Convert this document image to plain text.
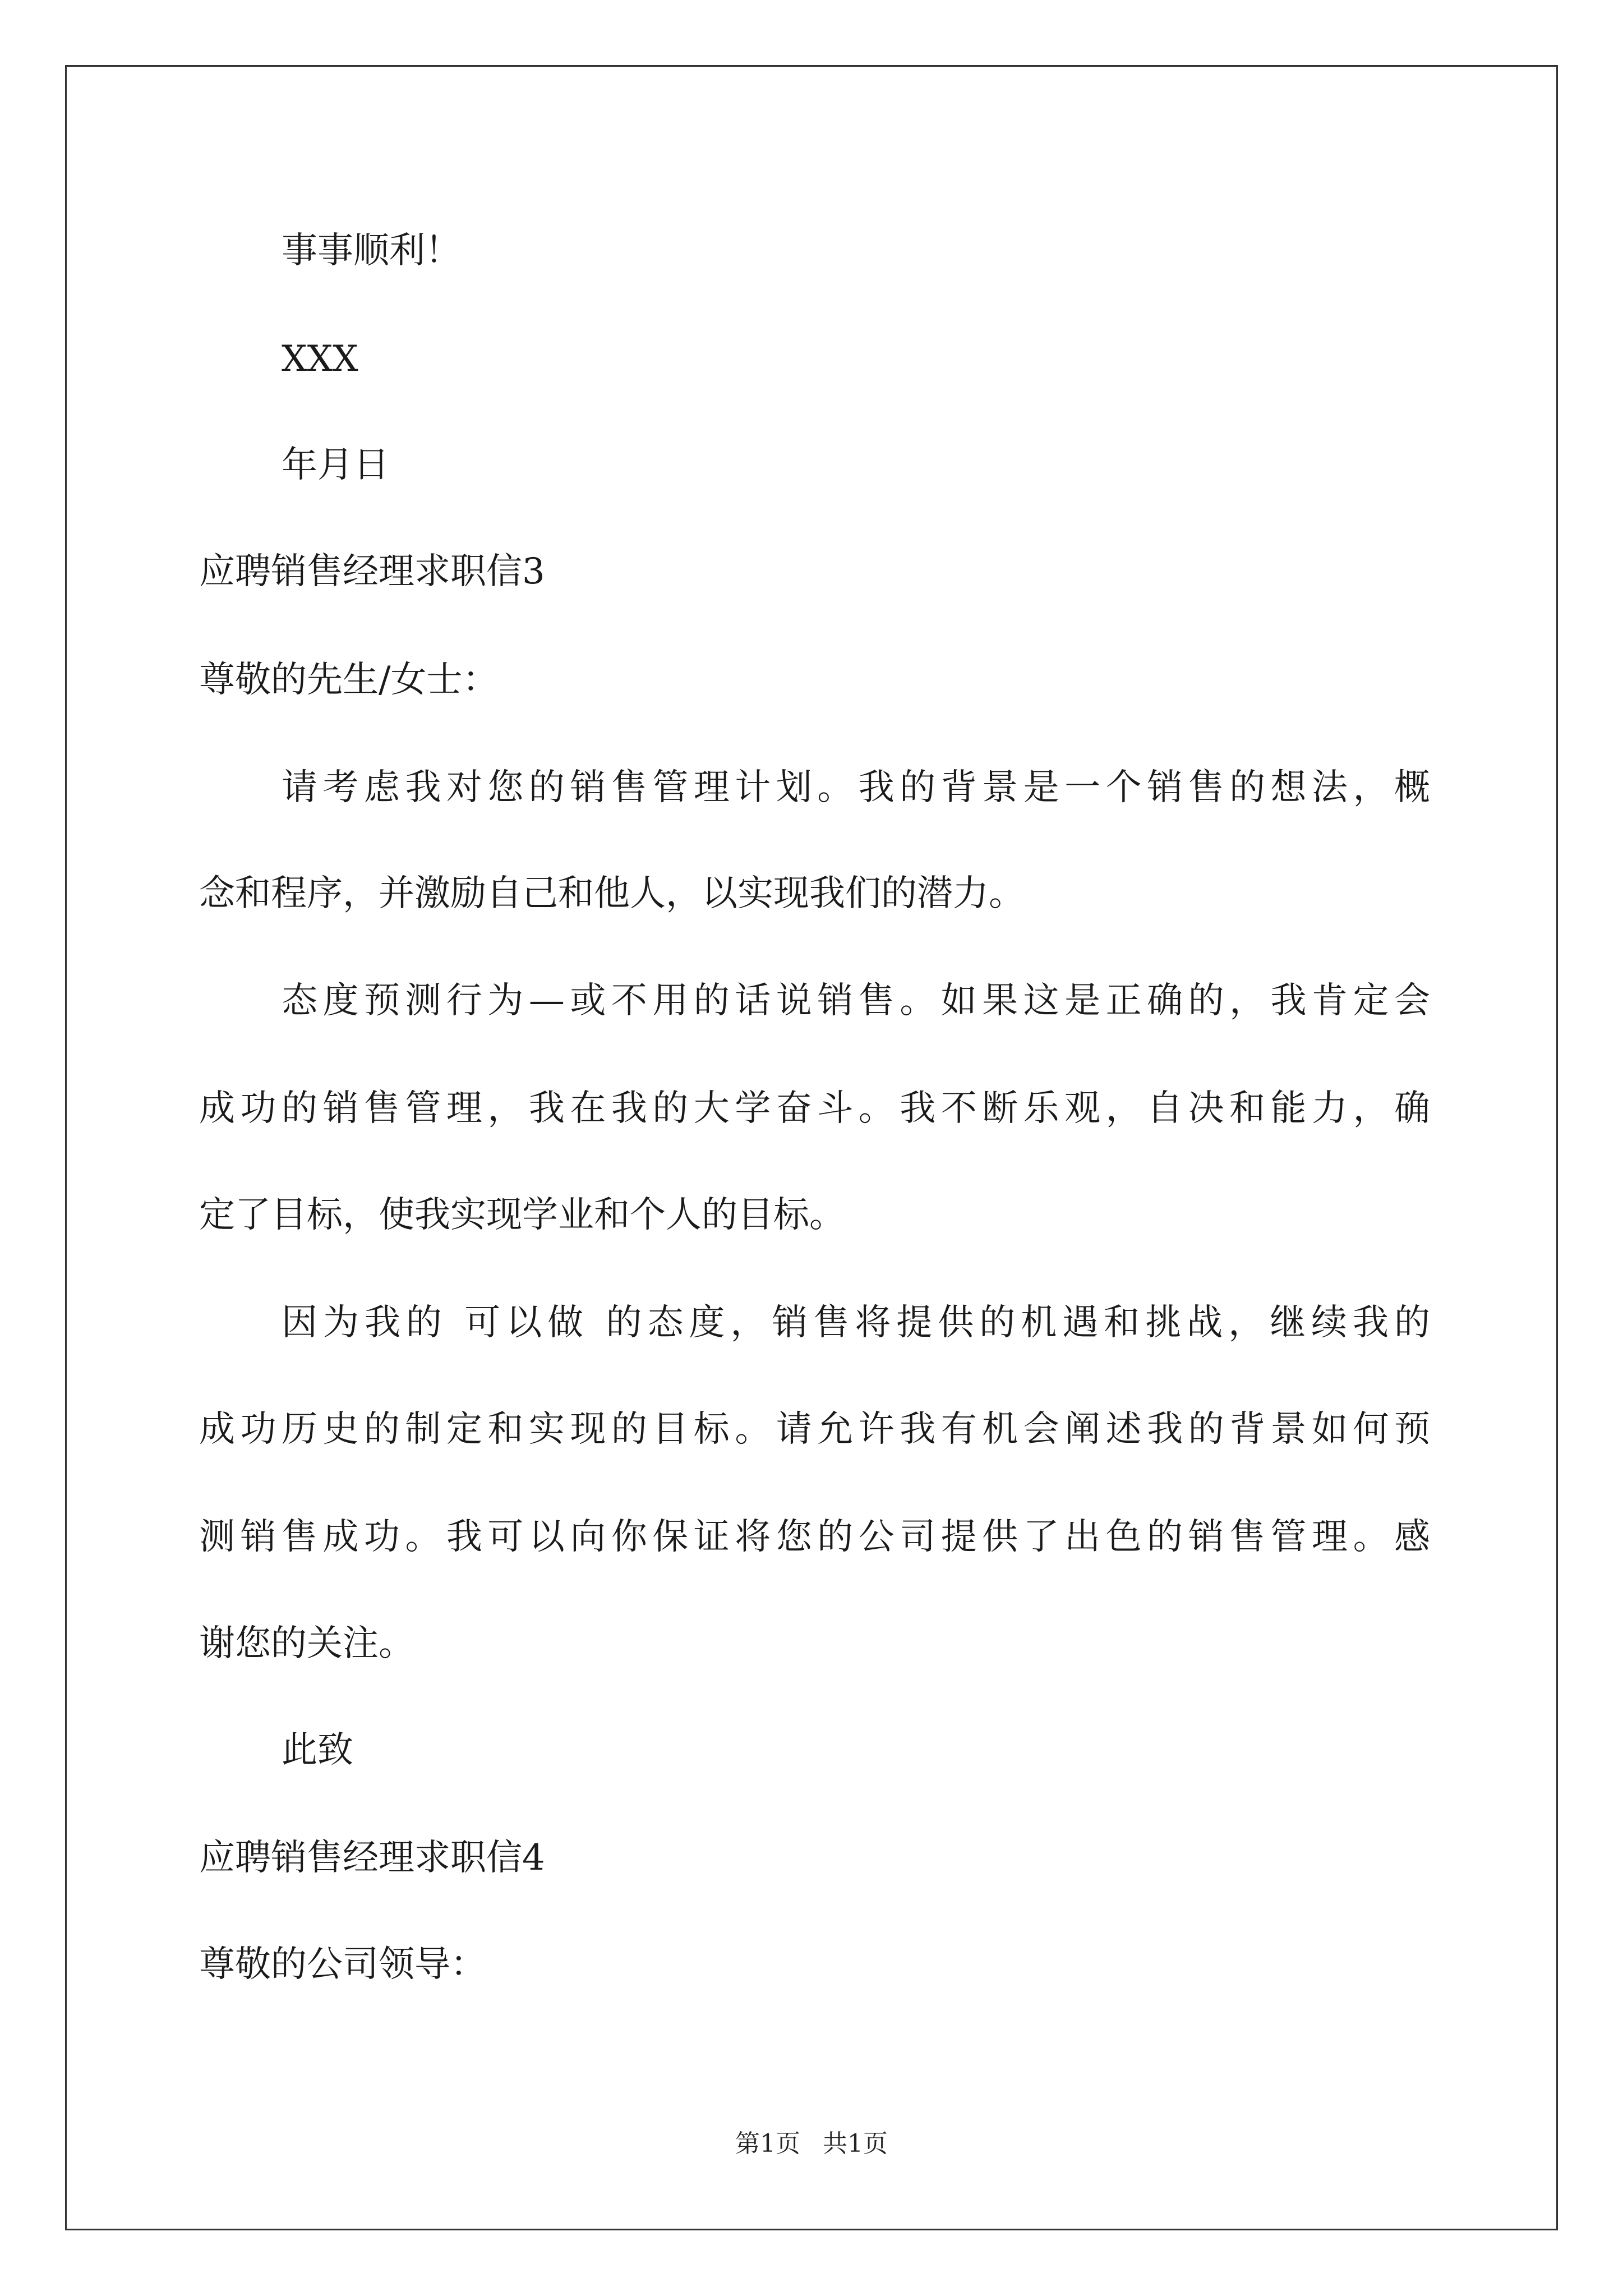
事事顺利！
XXX
年月日
应聘销售经理求职信3
尊敬的先生/女士：
请考虑我对您的销售管理计划。我的背景是一个销售的想法，概
念和程序，并激励自己和他人，以实现我们的潜力。
态度预测行为—或不用的话说销售。如果这是正确的，我肯定会
成功的销售管理，我在我的大学奋斗。我不断乐观，自决和能力，确
定了目标，使我实现学业和个人的目标。
因为我的 可以做 的态度，销售将提供的机遇和挑战，继续我的
成功历史的制定和实现的目标。请允许我有机会阐述我的背景如何预
测销售成功。我可以向你保证将您的公司提供了出色的销售管理。感
谢您的关注。
此致
应聘销售经理求职信4
尊敬的公司领导：
第1页 共1页
